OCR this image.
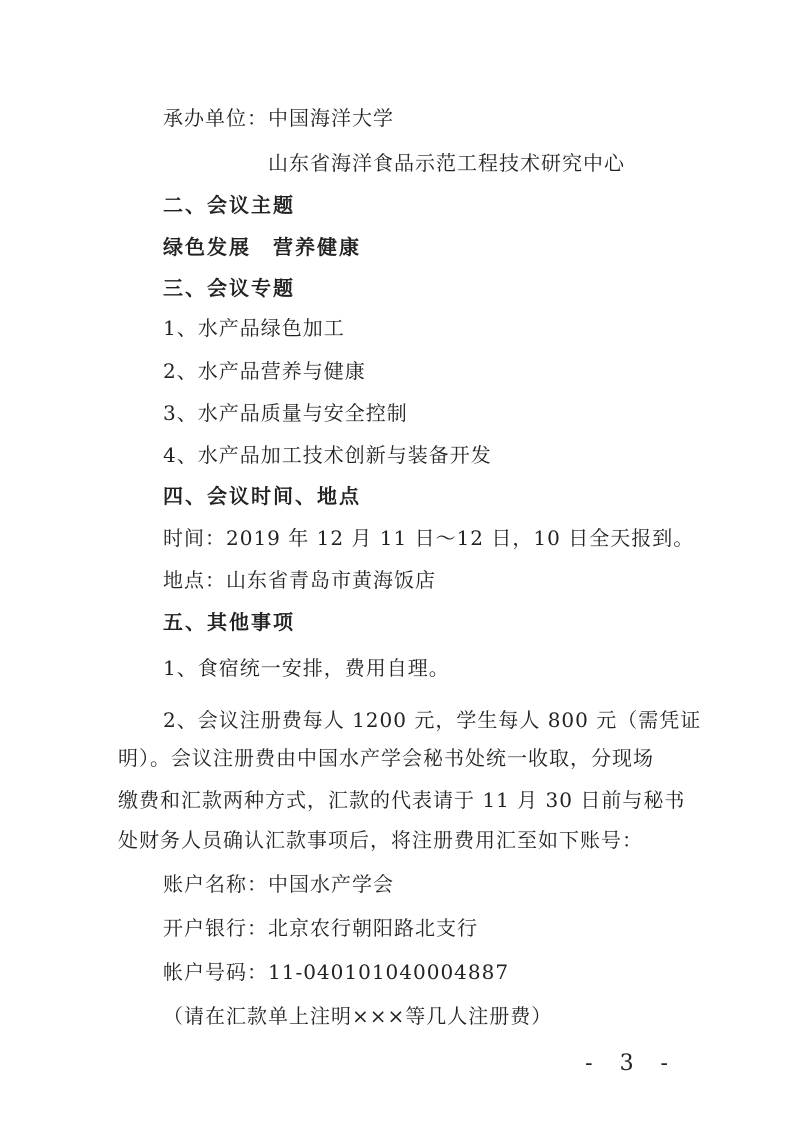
承办单位：中国海洋大学
山东省海洋食品示范工程技术研究中心
二、会议主题
绿色发展　营养健康
三、会议专题
1、水产品绿色加工
2、水产品营养与健康
3、水产品质量与安全控制
4、水产品加工技术创新与装备开发
四、会议时间、地点
时间：2019 年 12 月 11 日～12 日，10 日全天报到。
地点：山东省青岛市黄海饭店
五、其他事项
1、食宿统一安排，费用自理。
2、会议注册费每人 1200 元，学生每人 800 元（需凭证
明）。会议注册费由中国水产学会秘书处统一收取，分现场
缴费和汇款两种方式，汇款的代表请于 11 月 30 日前与秘书
处财务人员确认汇款事项后，将注册费用汇至如下账号：
账户名称：中国水产学会
开户银行：北京农行朝阳路北支行
帐户号码：11-040101040004887
（请在汇款单上注明×××等几人注册费）
- 3 -
